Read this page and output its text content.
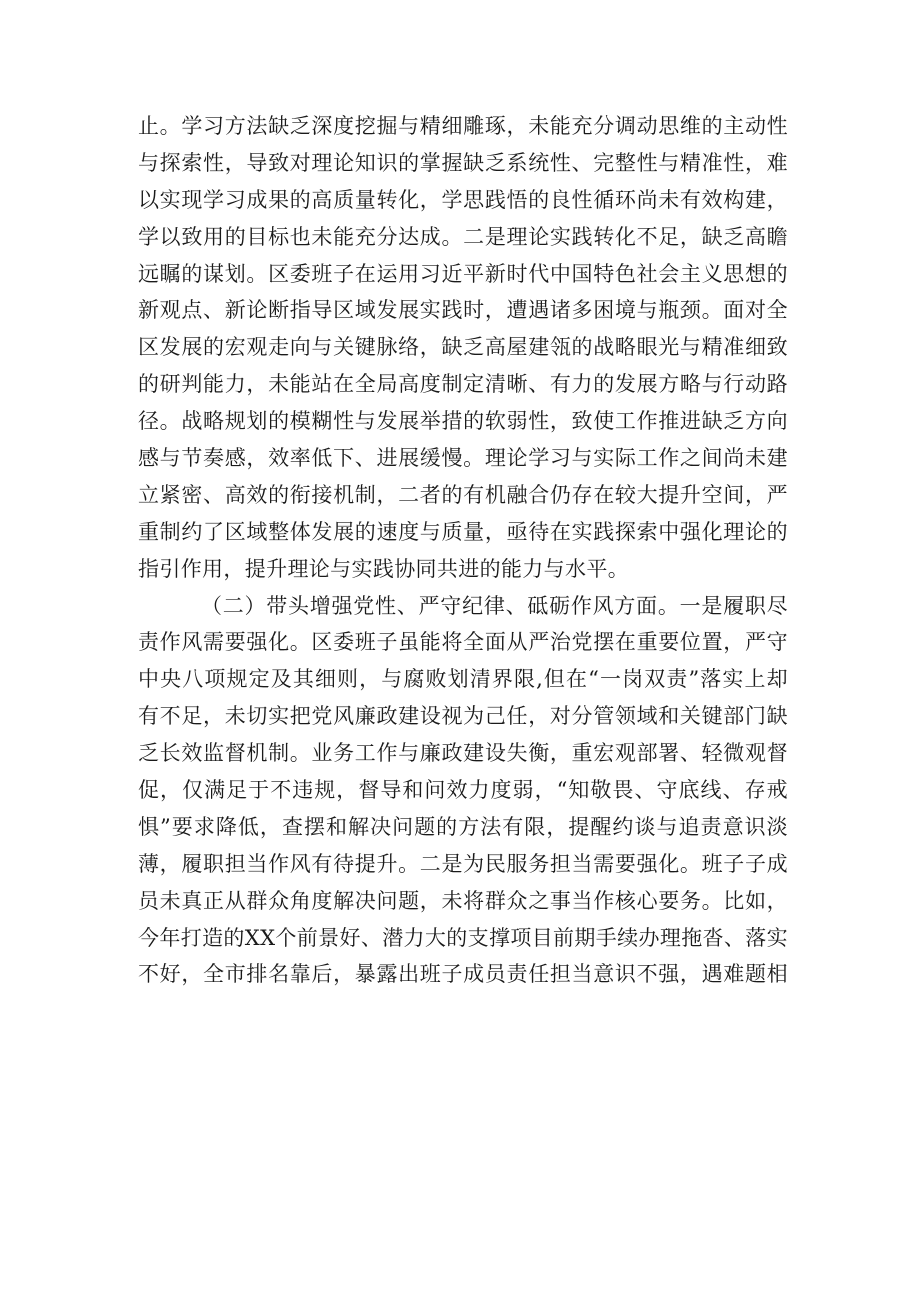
止。学习方法缺乏深度挖掘与精细雕琢，未能充分调动思维的主动性
与探索性，导致对理论知识的掌握缺乏系统性、完整性与精准性，难
以实现学习成果的高质量转化，学思践悟的良性循环尚未有效构建，
学以致用的目标也未能充分达成。二是理论实践转化不足，缺乏高瞻
远瞩的谋划。区委班子在运用习近平新时代中国特色社会主义思想的
新观点、新论断指导区域发展实践时，遭遇诸多困境与瓶颈。面对全
区发展的宏观走向与关键脉络，缺乏高屋建瓴的战略眼光与精准细致
的研判能力，未能站在全局高度制定清晰、有力的发展方略与行动路
径。战略规划的模糊性与发展举措的软弱性，致使工作推进缺乏方向
感与节奏感，效率低下、进展缓慢。理论学习与实际工作之间尚未建
立紧密、高效的衔接机制，二者的有机融合仍存在较大提升空间，严
重制约了区域整体发展的速度与质量，亟待在实践探索中强化理论的
指引作用，提升理论与实践协同共进的能力与水平。
（二）带头增强党性、严守纪律、砥砺作风方面。一是履职尽
责作风需要强化。区委班子虽能将全面从严治党摆在重要位置，严守
中央八项规定及其细则，与腐败划清界限,但在“一岗双责”落实上却
有不足，未切实把党风廉政建设视为己任，对分管领域和关键部门缺
乏长效监督机制。业务工作与廉政建设失衡，重宏观部署、轻微观督
促，仅满足于不违规，督导和问效力度弱，“知敬畏、守底线、存戒
惧”要求降低，查摆和解决问题的方法有限，提醒约谈与追责意识淡
薄，履职担当作风有待提升。二是为民服务担当需要强化。班子子成
员未真正从群众角度解决问题，未将群众之事当作核心要务。比如，
今年打造的XX个前景好、潜力大的支撑项目前期手续办理拖沓、落实
不好，全市排名靠后，暴露出班子成员责任担当意识不强，遇难题相
